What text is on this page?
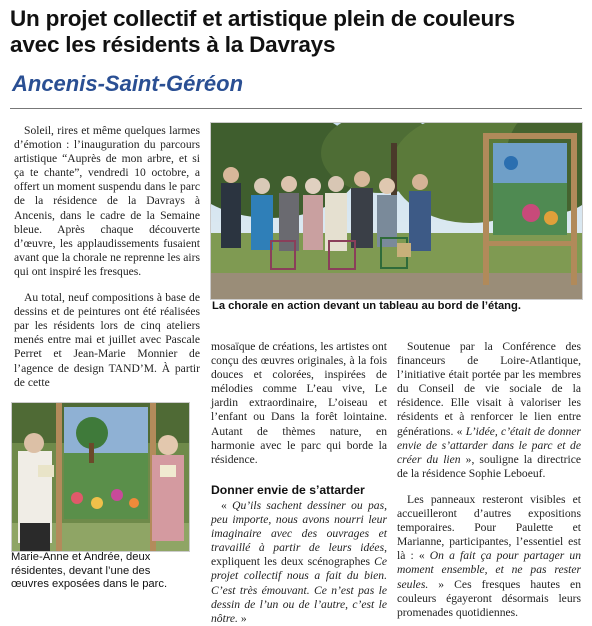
Un projet collectif et artistique plein de couleurs
avec les résidents à la Davrays
Ancenis-Saint-Géréon

Soleil, rires et même quelques larmes d’émotion : l’inauguration du parcours artistique “Auprès de mon arbre, et si ça te chante”, vendredi 10 octobre, a offert un moment suspendu dans le parc de la résidence de la Davrays à Ancenis, dans le cadre de la Semaine bleue. Après chaque découverte d’œuvre, les applaudissements fusaient avant que la chorale ne reprenne les airs qui ont inspiré les fresques.

Au total, neuf compositions à base de dessins et de peintures ont été réalisées par les résidents lors de cinq ateliers menés entre mai et juillet avec Pascale Perret et Jean-Marie Monnier de l’agence de design TAND’M. À partir de cette

La chorale en action devant un tableau au bord de l’étang.
Marie-Anne et Andrée, deux résidentes, devant l’une des œuvres exposées dans le parc.

mosaïque de créations, les artistes ont conçu des œuvres originales, à la fois douces et colorées, inspirées de mélodies comme L’eau vive, Le jardin extraordinaire, L’oiseau et l’enfant ou Dans la forêt lointaine. Autant de thèmes nature, en harmonie avec le parc qui borde la résidence.

Donner envie de s’attarder

« Qu’ils sachent dessiner ou pas, peu importe, nous avons nourri leur imaginaire avec des ouvrages et travaillé à partir de leurs idées, expliquent les deux scénographes Ce projet collectif nous a fait du bien. C’est très émouvant. Ce n’est pas le dessin de l’un ou de l’autre, c’est le nôtre. »

Soutenue par la Conférence des financeurs de Loire-Atlantique, l’initiative était portée par les membres du Conseil de vie sociale de la résidence. Elle visait à valoriser les résidents et à renforcer le lien entre générations. « L’idée, c’était de donner envie de s’attarder dans le parc et de créer du lien », souligne la directrice de la résidence Sophie Leboeuf.

Les panneaux resteront visibles et accueilleront d’autres expositions temporaires. Pour Paulette et Marianne, participantes, l’essentiel est là : « On a fait ça pour partager un moment ensemble, et ne pas rester seules. » Ces fresques hautes en couleurs égayeront désormais leurs promenades quotidiennes.
